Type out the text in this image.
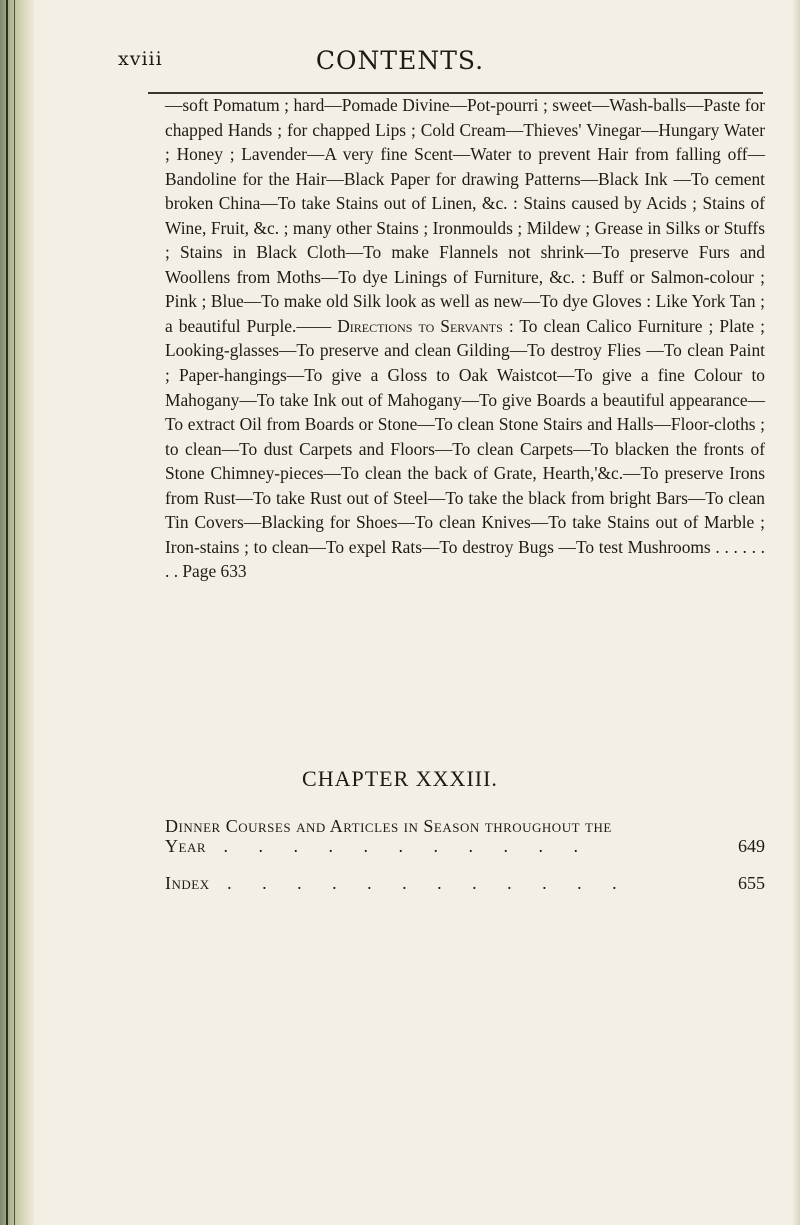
xviii	CONTENTS.

—soft Pomatum ; hard—Pomade Divine—Pot-pourri ; sweet—Wash-balls—Paste for chapped Hands ; for chapped Lips ; Cold Cream—Thieves' Vinegar—Hungary Water ; Honey ; Lavender—A very fine Scent—Water to prevent Hair from falling off—Bandoline for the Hair—Black Paper for drawing Patterns—Black Ink —To cement broken China—To take Stains out of Linen, &c. : Stains caused by Acids ; Stains of Wine, Fruit, &c. ; many other Stains ; Ironmoulds ; Mildew ; Grease in Silks or Stuffs ; Stains in Black Cloth—To make Flannels not shrink—To preserve Furs and Woollens from Moths—To dye Linings of Furniture, &c. : Buff or Salmon-colour ; Pink ; Blue—To make old Silk look as well as new—To dye Gloves : Like York Tan ; a beautiful Purple.—— Directions to Servants : To clean Calico Furniture ; Plate ; Looking-glasses—To preserve and clean Gilding—To destroy Flies —To clean Paint ; Paper-hangings—To give a Gloss to Oak Waistcot—To give a fine Colour to Mahogany—To take Ink out of Mahogany—To give Boards a beautiful appearance—To extract Oil from Boards or Stone—To clean Stone Stairs and Halls—Floor-cloths ; to clean—To dust Carpets and Floors—To clean Carpets—To blacken the fronts of Stone Chimney-pieces—To clean the back of Grate, Hearth,'&c.—To preserve Irons from Rust—To take Rust out of Steel—To take the black from bright Bars—To clean Tin Covers—Blacking for Shoes—To clean Knives—To take Stains out of Marble ; Iron-stains ; to clean—To expel Rats—To destroy Bugs —To test Mushrooms . . . . . . . . Page 633

CHAPTER XXXIII.

Dinner Courses and Articles in Season throughout the

Year . . . . . . . . . . .	649

Index . . . . . . . . . . . .	655
